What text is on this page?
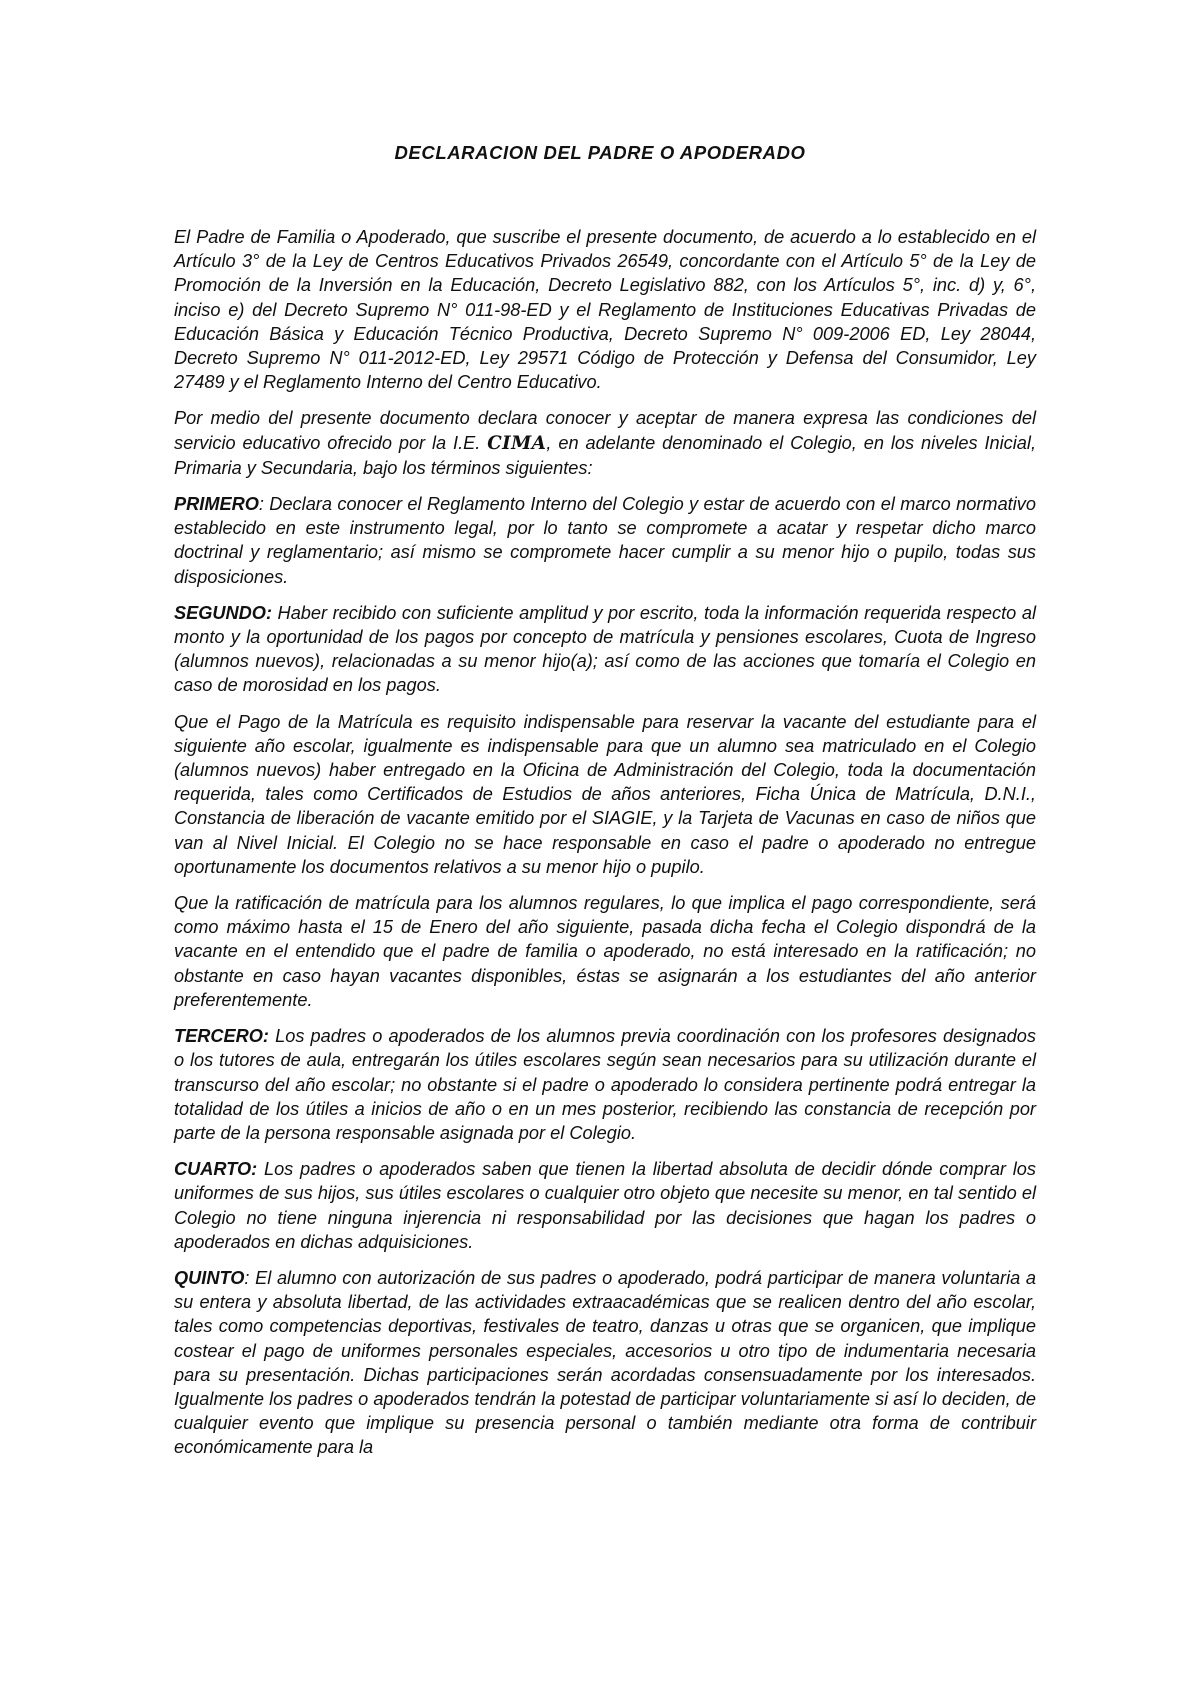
DECLARACION DEL PADRE O APODERADO

El Padre de Familia o Apoderado, que suscribe el presente documento, de acuerdo a lo establecido en el Artículo 3° de la Ley de Centros Educativos Privados 26549, concordante con el Artículo 5° de la Ley de Promoción de la Inversión en la Educación, Decreto Legislativo 882, con los Artículos 5°, inc. d) y, 6°, inciso e) del Decreto Supremo N° 011-98-ED y el Reglamento de Instituciones Educativas Privadas de Educación Básica y Educación Técnico Productiva, Decreto Supremo N° 009-2006 ED, Ley 28044, Decreto Supremo N° 011-2012-ED, Ley 29571 Código de Protección y Defensa del Consumidor, Ley 27489 y el Reglamento Interno del Centro Educativo.

Por medio del presente documento declara conocer y aceptar de manera expresa las condiciones del servicio educativo ofrecido por la I.E. CIMA, en adelante denominado el Colegio, en los niveles Inicial, Primaria y Secundaria, bajo los términos siguientes:

PRIMERO: Declara conocer el Reglamento Interno del Colegio y estar de acuerdo con el marco normativo establecido en este instrumento legal, por lo tanto se compromete a acatar y respetar dicho marco doctrinal y reglamentario; así mismo se compromete hacer cumplir a su menor hijo o pupilo, todas sus disposiciones.

SEGUNDO: Haber recibido con suficiente amplitud y por escrito, toda la información requerida respecto al monto y la oportunidad de los pagos por concepto de matrícula y pensiones escolares, Cuota de Ingreso (alumnos nuevos), relacionadas a su menor hijo(a); así como de las acciones que tomaría el Colegio en caso de morosidad en los pagos.

Que el Pago de la Matrícula es requisito indispensable para reservar la vacante del estudiante para el siguiente año escolar, igualmente es indispensable para que un alumno sea matriculado en el Colegio (alumnos nuevos) haber entregado en la Oficina de Administración del Colegio, toda la documentación requerida, tales como Certificados de Estudios de años anteriores, Ficha Única de Matrícula, D.N.I., Constancia de liberación de vacante emitido por el SIAGIE, y la Tarjeta de Vacunas en caso de niños que van al Nivel Inicial. El Colegio no se hace responsable en caso el padre o apoderado no entregue oportunamente los documentos relativos a su menor hijo o pupilo.

Que la ratificación de matrícula para los alumnos regulares, lo que implica el pago correspondiente, será como máximo hasta el 15 de Enero del año siguiente, pasada dicha fecha el Colegio dispondrá de la vacante en el entendido que el padre de familia o apoderado, no está interesado en la ratificación; no obstante en caso hayan vacantes disponibles, éstas se asignarán a los estudiantes del año anterior preferentemente.

TERCERO: Los padres o apoderados de los alumnos previa coordinación con los profesores designados o los tutores de aula, entregarán los útiles escolares según sean necesarios para su utilización durante el transcurso del año escolar; no obstante si el padre o apoderado lo considera pertinente podrá entregar la totalidad de los útiles a inicios de año o en un mes posterior, recibiendo las constancia de recepción por parte de la persona responsable asignada por el Colegio.

CUARTO: Los padres o apoderados saben que tienen la libertad absoluta de decidir dónde comprar los uniformes de sus hijos, sus útiles escolares o cualquier otro objeto que necesite su menor, en tal sentido el Colegio no tiene ninguna injerencia ni responsabilidad por las decisiones que hagan los padres o apoderados en dichas adquisiciones.

QUINTO: El alumno con autorización de sus padres o apoderado, podrá participar de manera voluntaria a su entera y absoluta libertad, de las actividades extraacadémicas que se realicen dentro del año escolar, tales como competencias deportivas, festivales de teatro, danzas u otras que se organicen, que implique costear el pago de uniformes personales especiales, accesorios u otro tipo de indumentaria necesaria para su presentación. Dichas participaciones serán acordadas consensuadamente por los interesados. Igualmente los padres o apoderados tendrán la potestad de participar voluntariamente si así lo deciden, de cualquier evento que implique su presencia personal o también mediante otra forma de contribuir económicamente para la
